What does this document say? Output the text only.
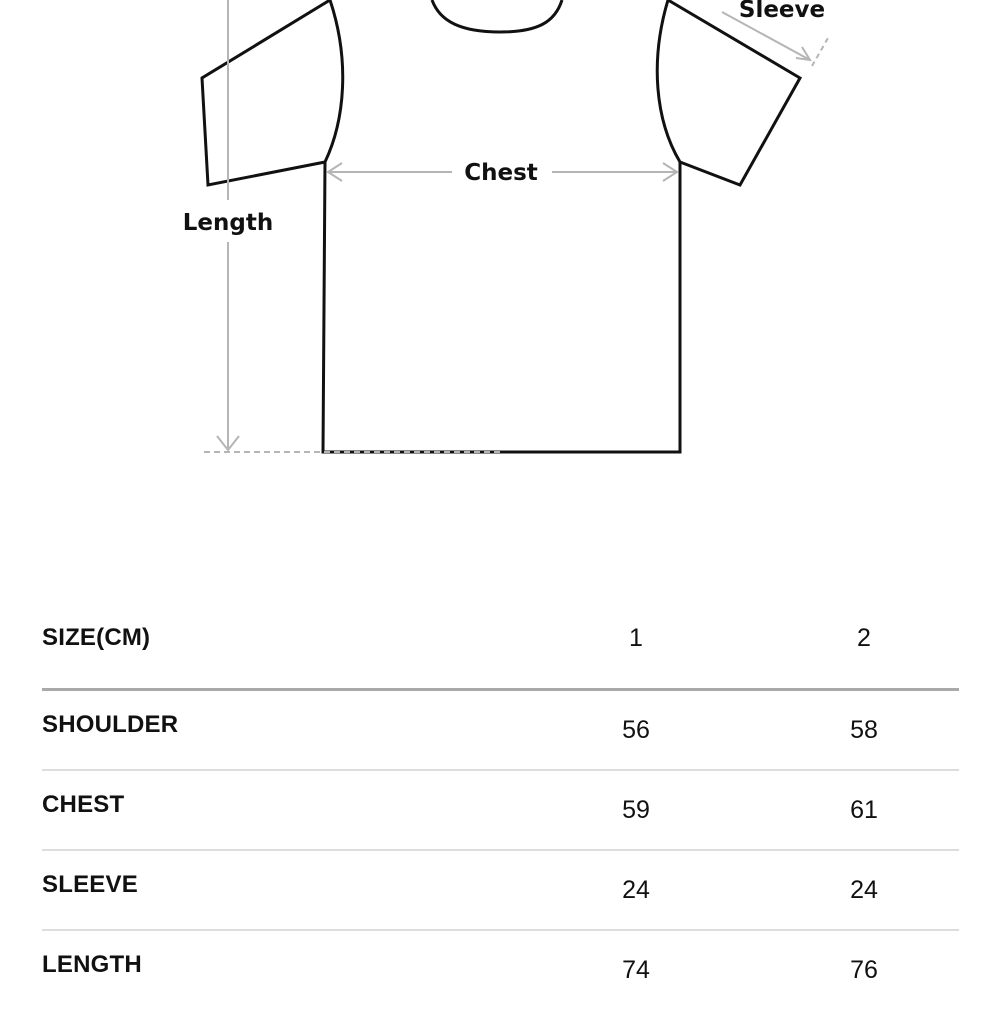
Length
Chest
Sleeve
SIZE(CM)	1	2
SHOULDER	56	58
CHEST	59	61
SLEEVE	24	24
LENGTH	74	76
